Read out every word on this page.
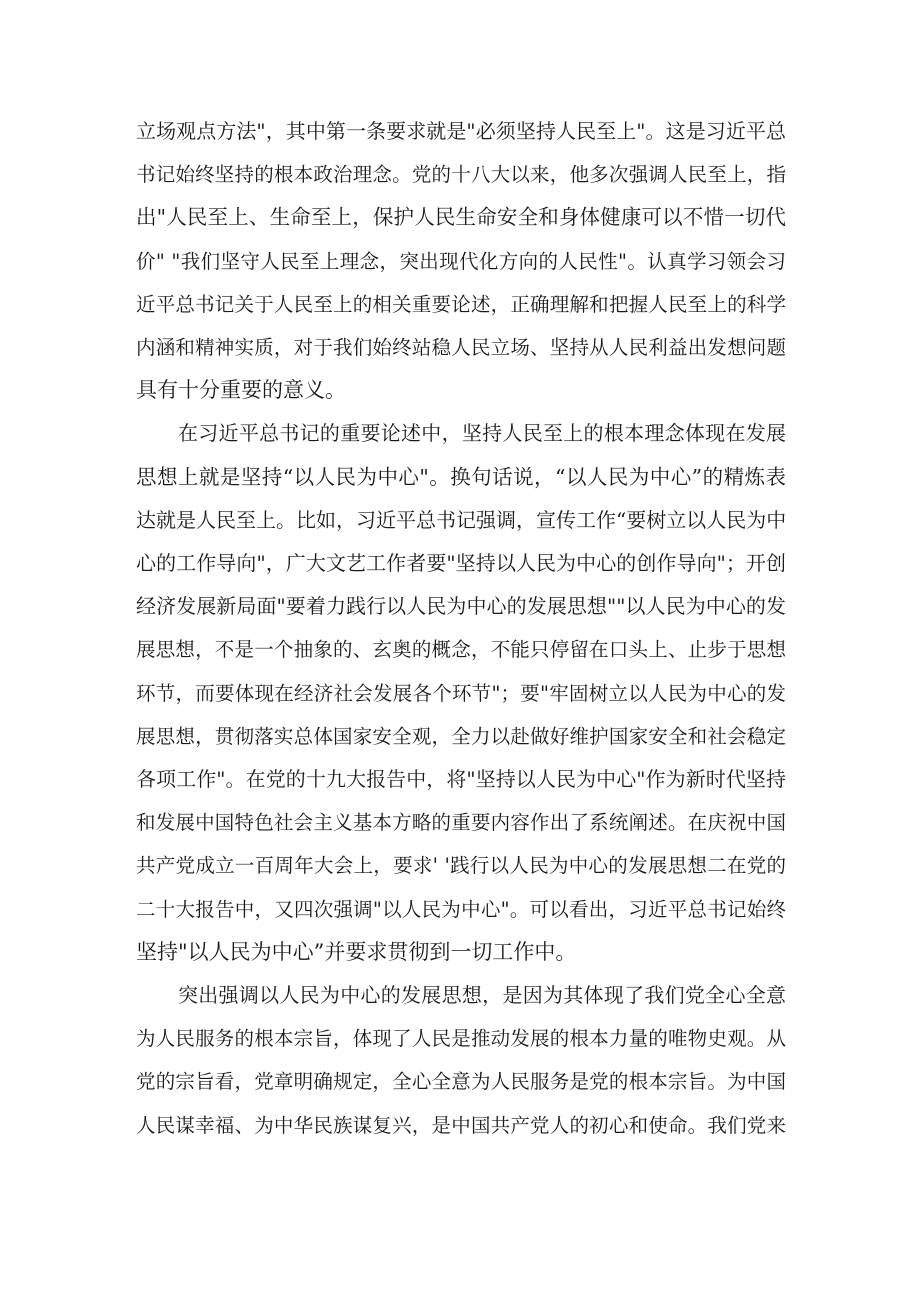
立场观点方法"，其中第一条要求就是"必须坚持人民至上"。这是习近平总
书记始终坚持的根本政治理念。党的十八大以来，他多次强调人民至上，指
出"人民至上、生命至上，保护人民生命安全和身体健康可以不惜一切代
价" "我们坚守人民至上理念，突出现代化方向的人民性"。认真学习领会习
近平总书记关于人民至上的相关重要论述，正确理解和把握人民至上的科学
内涵和精神实质，对于我们始终站稳人民立场、坚持从人民利益出发想问题
具有十分重要的意义。

在习近平总书记的重要论述中，坚持人民至上的根本理念体现在发展
思想上就是坚持“以人民为中心"。换句话说，“以人民为中心”的精炼表
达就是人民至上。比如，习近平总书记强调，宣传工作“要树立以人民为中
心的工作导向"，广大文艺工作者要"坚持以人民为中心的创作导向"；开创
经济发展新局面"要着力践行以人民为中心的发展思想""以人民为中心的发
展思想，不是一个抽象的、玄奥的概念，不能只停留在口头上、止步于思想
环节，而要体现在经济社会发展各个环节"；要"牢固树立以人民为中心的发
展思想，贯彻落实总体国家安全观，全力以赴做好维护国家安全和社会稳定
各项工作"。在党的十九大报告中，将"坚持以人民为中心"作为新时代坚持
和发展中国特色社会主义基本方略的重要内容作出了系统阐述。在庆祝中国
共产党成立一百周年大会上，要求' '践行以人民为中心的发展思想二在党的
二十大报告中，又四次强调"以人民为中心"。可以看出，习近平总书记始终
坚持"以人民为中心”并要求贯彻到一切工作中。

突出强调以人民为中心的发展思想，是因为其体现了我们党全心全意
为人民服务的根本宗旨，体现了人民是推动发展的根本力量的唯物史观。从
党的宗旨看，党章明确规定，全心全意为人民服务是党的根本宗旨。为中国
人民谋幸福、为中华民族谋复兴，是中国共产党人的初心和使命。我们党来
